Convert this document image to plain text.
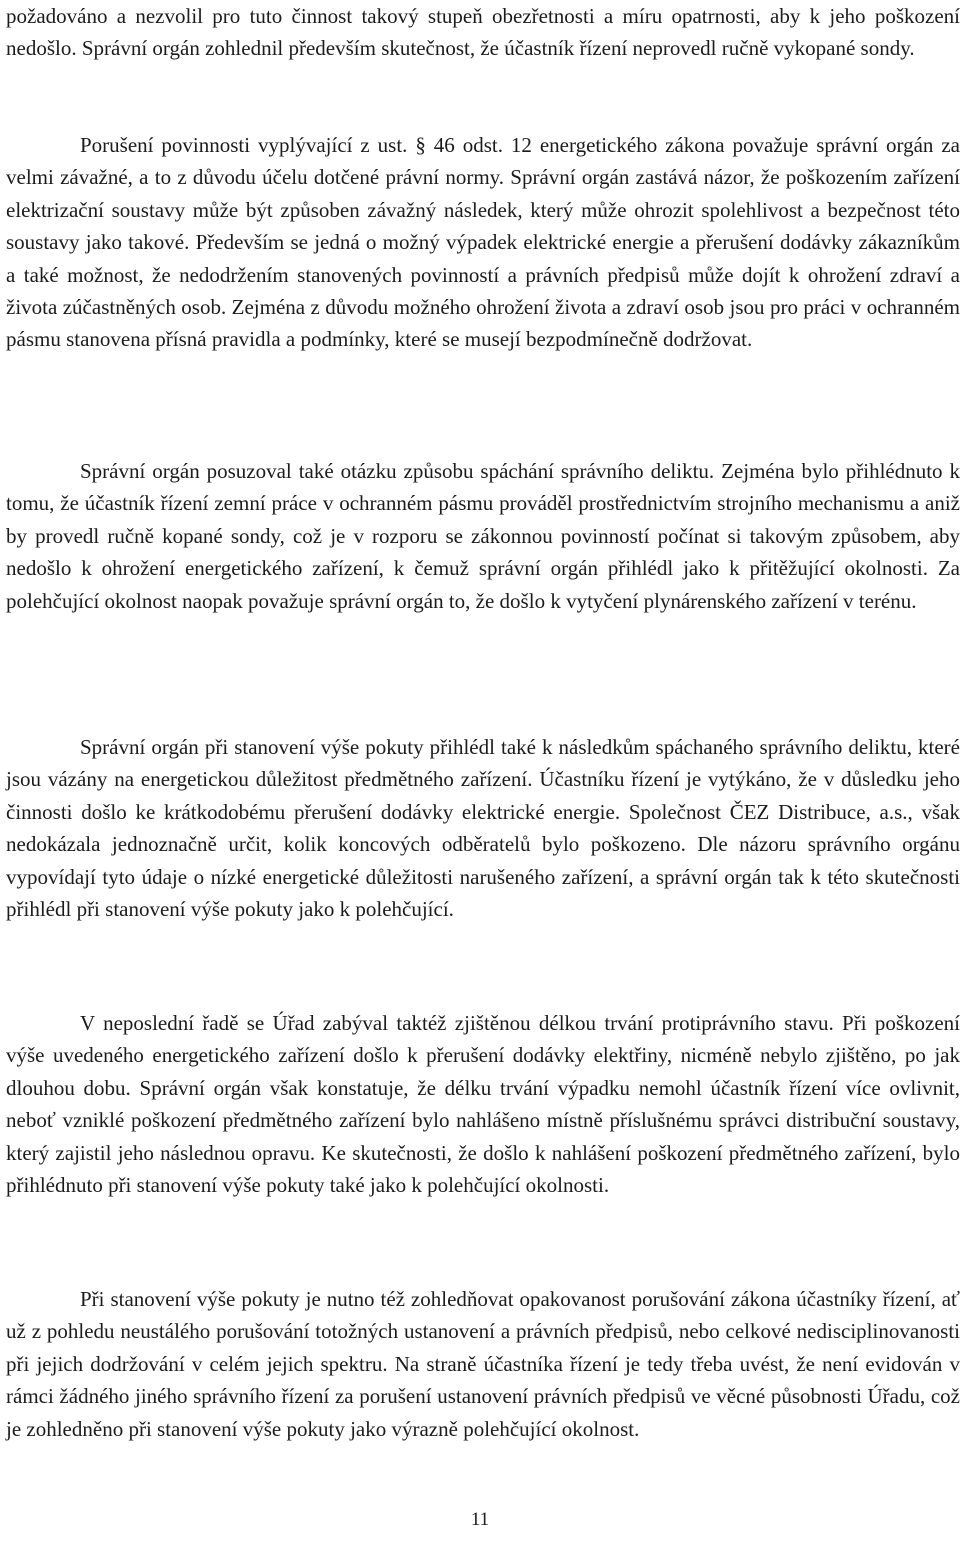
požadováno a nezvolil pro tuto činnost takový stupeň obezřetnosti a míru opatrnosti, aby k jeho poškození nedošlo. Správní orgán zohlednil především skutečnost, že účastník řízení neprovedl ručně vykopané sondy.

Porušení povinnosti vyplývající z ust. § 46 odst. 12 energetického zákona považuje správní orgán za velmi závažné, a to z důvodu účelu dotčené právní normy. Správní orgán zastává názor, že poškozením zařízení elektrizační soustavy může být způsoben závažný následek, který může ohrozit spolehlivost a bezpečnost této soustavy jako takové. Především se jedná o možný výpadek elektrické energie a přerušení dodávky zákazníkům a také možnost, že nedodržením stanovených povinností a právních předpisů může dojít k ohrožení zdraví a života zúčastněných osob. Zejména z důvodu možného ohrožení života a zdraví osob jsou pro práci v ochranném pásmu stanovena přísná pravidla a podmínky, které se musejí bezpodmínečně dodržovat.

Správní orgán posuzoval také otázku způsobu spáchání správního deliktu. Zejména bylo přihlédnuto k tomu, že účastník řízení zemní práce v ochranném pásmu prováděl prostřednictvím strojního mechanismu a aniž by provedl ručně kopané sondy, což je v rozporu se zákonnou povinností počínat si takovým způsobem, aby nedošlo k ohrožení energetického zařízení, k čemuž správní orgán přihlédl jako k přitěžující okolnosti. Za polehčující okolnost naopak považuje správní orgán to, že došlo k vytyčení plynárenského zařízení v terénu.

Správní orgán při stanovení výše pokuty přihlédl také k následkům spáchaného správního deliktu, které jsou vázány na energetickou důležitost předmětného zařízení. Účastníku řízení je vytýkáno, že v důsledku jeho činnosti došlo ke krátkodobému přerušení dodávky elektrické energie. Společnost ČEZ Distribuce, a.s., však nedokázala jednoznačně určit, kolik koncových odběratelů bylo poškozeno. Dle názoru správního orgánu vypovídají tyto údaje o nízké energetické důležitosti narušeného zařízení, a správní orgán tak k této skutečnosti přihlédl při stanovení výše pokuty jako k polehčující.

V neposlední řadě se Úřad zabýval taktéž zjištěnou délkou trvání protiprávního stavu. Při poškození výše uvedeného energetického zařízení došlo k přerušení dodávky elektřiny, nicméně nebylo zjištěno, po jak dlouhou dobu. Správní orgán však konstatuje, že délku trvání výpadku nemohl účastník řízení více ovlivnit, neboť vzniklé poškození předmětného zařízení bylo nahlášeno místně příslušnému správci distribuční soustavy, který zajistil jeho následnou opravu. Ke skutečnosti, že došlo k nahlášení poškození předmětného zařízení, bylo přihlédnuto při stanovení výše pokuty také jako k polehčující okolnosti.

Při stanovení výše pokuty je nutno též zohledňovat opakovanost porušování zákona účastníky řízení, ať už z pohledu neustálého porušování totožných ustanovení a právních předpisů, nebo celkové nedisciplinovanosti při jejich dodržování v celém jejich spektru. Na straně účastníka řízení je tedy třeba uvést, že není evidován v rámci žádného jiného správního řízení za porušení ustanovení právních předpisů ve věcné působnosti Úřadu, což je zohledněno při stanovení výše pokuty jako výrazně polehčující okolnost.

11
